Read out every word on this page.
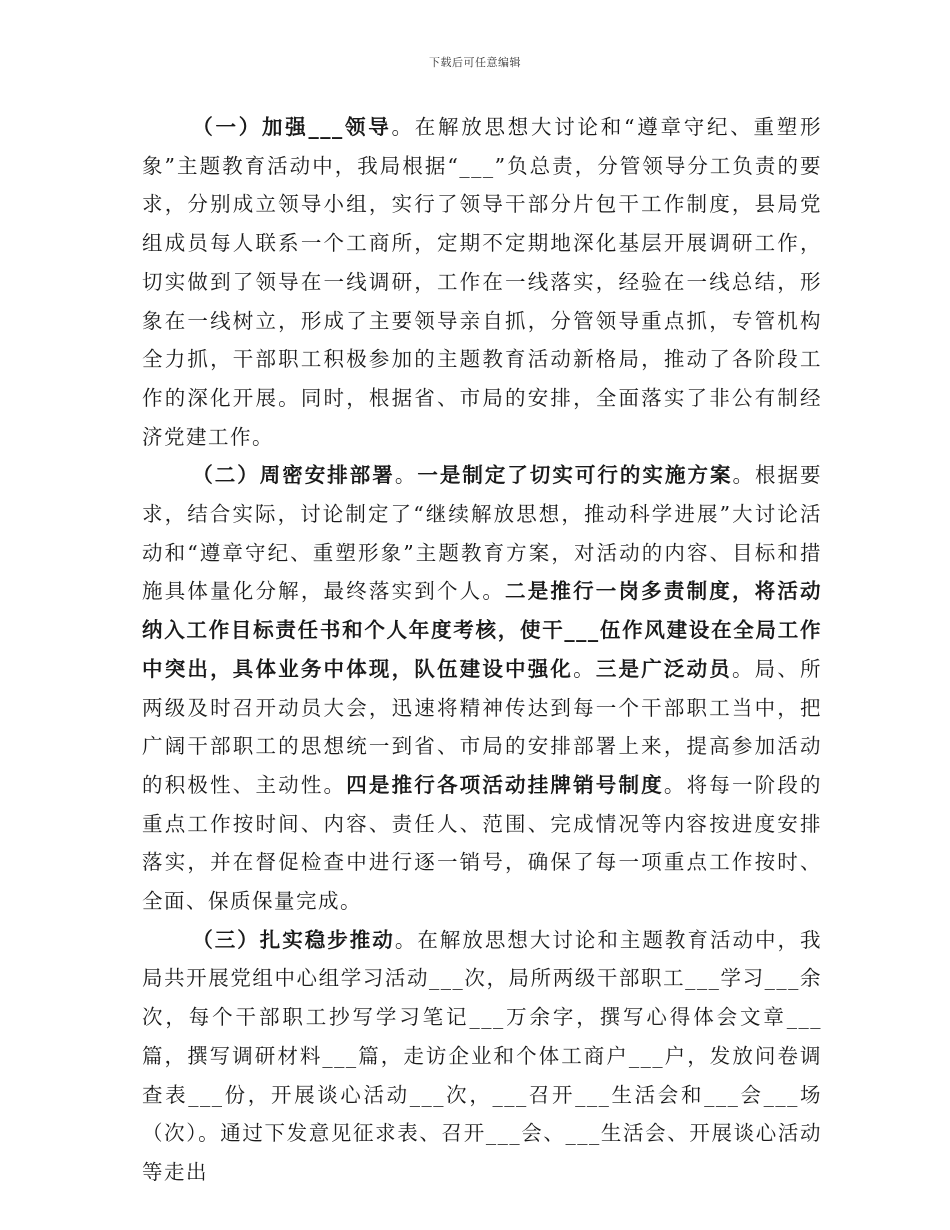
下载后可任意编辑

（一）加强___领导。在解放思想大讨论和“遵章守纪、重塑形象”主题教育活动中，我局根据“___”负总责，分管领导分工负责的要求，分别成立领导小组，实行了领导干部分片包干工作制度，县局党组成员每人联系一个工商所，定期不定期地深化基层开展调研工作，切实做到了领导在一线调研，工作在一线落实，经验在一线总结，形象在一线树立，形成了主要领导亲自抓，分管领导重点抓，专管机构全力抓，干部职工积极参加的主题教育活动新格局，推动了各阶段工作的深化开展。同时，根据省、市局的安排，全面落实了非公有制经济党建工作。

（二）周密安排部署。一是制定了切实可行的实施方案。根据要求，结合实际，讨论制定了“继续解放思想，推动科学进展”大讨论活动和“遵章守纪、重塑形象”主题教育方案，对活动的内容、目标和措施具体量化分解，最终落实到个人。二是推行一岗多责制度，将活动纳入工作目标责任书和个人年度考核，使干___伍作风建设在全局工作中突出，具体业务中体现，队伍建设中强化。三是广泛动员。局、所两级及时召开动员大会，迅速将精神传达到每一个干部职工当中，把广阔干部职工的思想统一到省、市局的安排部署上来，提高参加活动的积极性、主动性。四是推行各项活动挂牌销号制度。将每一阶段的重点工作按时间、内容、责任人、范围、完成情况等内容按进度安排落实，并在督促检查中进行逐一销号，确保了每一项重点工作按时、全面、保质保量完成。

（三）扎实稳步推动。在解放思想大讨论和主题教育活动中，我局共开展党组中心组学习活动___次，局所两级干部职工___学习___余次，每个干部职工抄写学习笔记___万余字，撰写心得体会文章___篇，撰写调研材料___篇，走访企业和个体工商户___户，发放问卷调查表___份，开展谈心活动___次，___召开___生活会和___会___场（次）。通过下发意见征求表、召开___会、___生活会、开展谈心活动等走出
